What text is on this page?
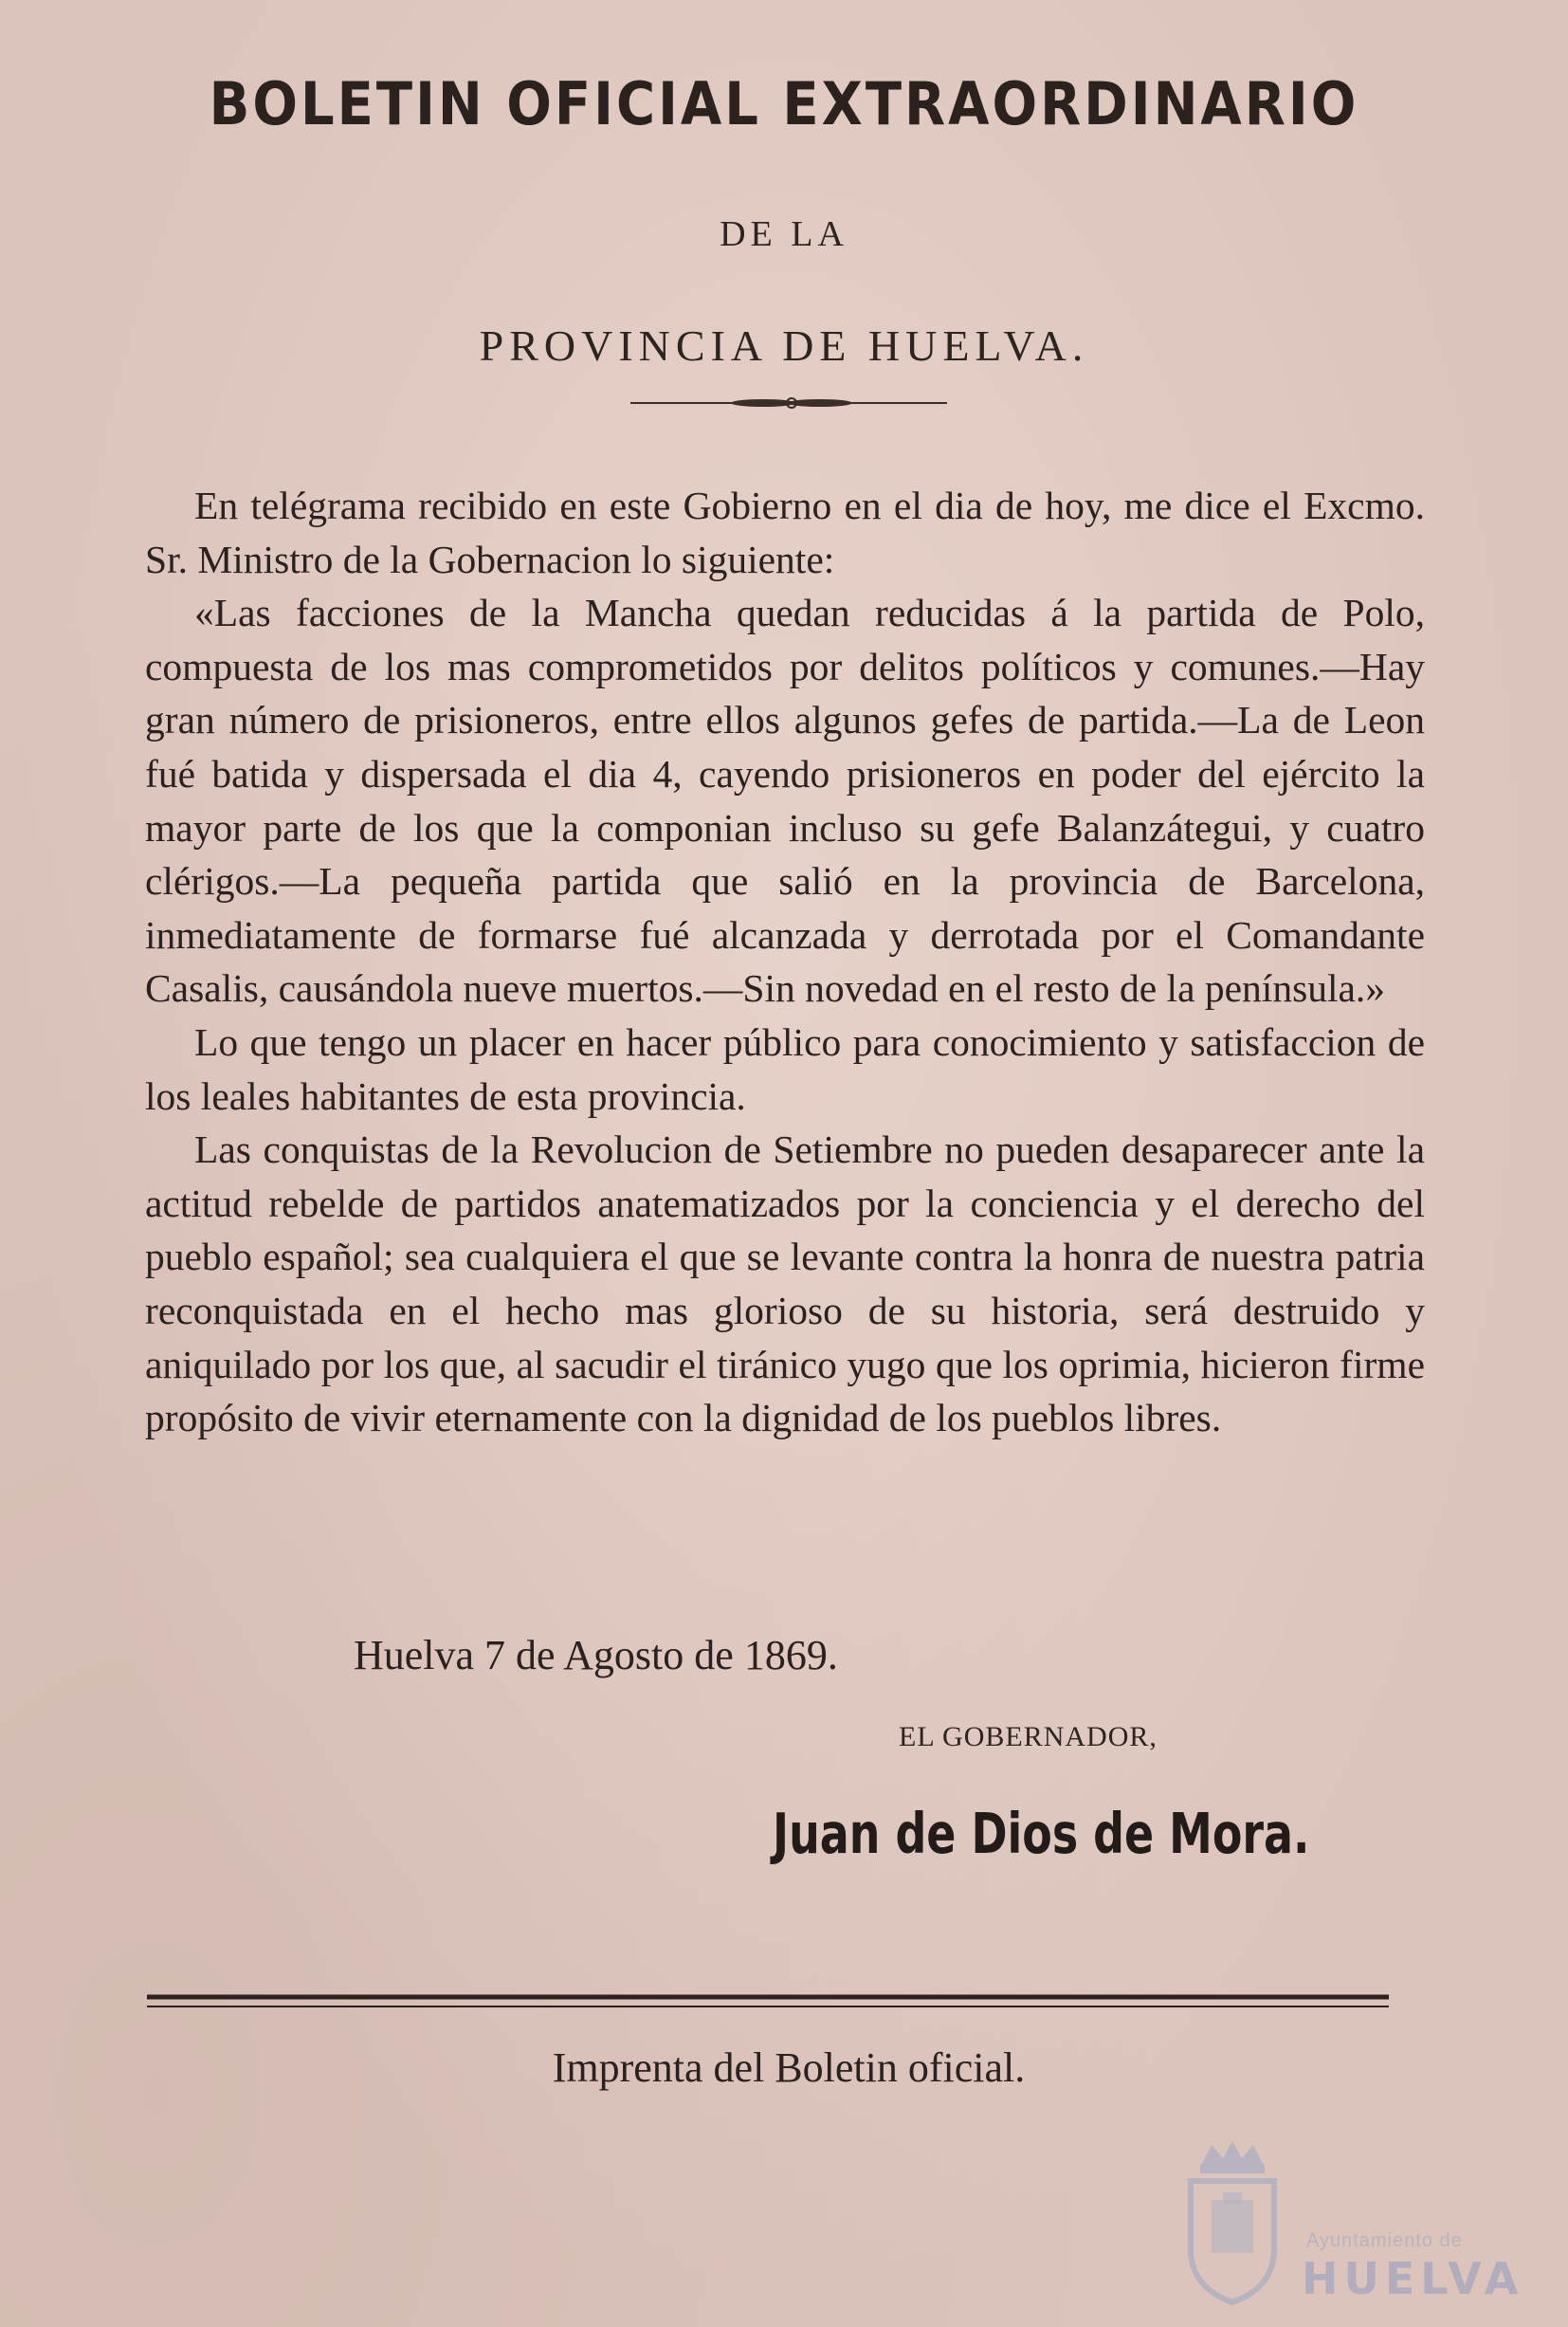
BOLETIN OFICIAL EXTRAORDINARIO
DE LA
PROVINCIA DE HUELVA.

En telégrama recibido en este Gobierno en el dia de hoy, me dice el Excmo. Sr. Ministro de la Gobernacion lo siguiente:

«Las facciones de la Mancha quedan reducidas á la partida de Polo, compuesta de los mas comprometidos por delitos políticos y comunes.—Hay gran número de prisioneros, entre ellos algunos gefes de partida.—La de Leon fué batida y dispersada el dia 4, cayendo prisioneros en poder del ejército la mayor parte de los que la componian incluso su gefe Balanzátegui, y cuatro clérigos.—La pequeña partida que salió en la provincia de Barcelona, inmediatamente de formarse fué alcanzada y derrotada por el Comandante Casalis, causándola nueve muertos.—Sin novedad en el resto de la península.»

Lo que tengo un placer en hacer público para conocimiento y satisfaccion de los leales habitantes de esta provincia.

Las conquistas de la Revolucion de Setiembre no pueden desaparecer ante la actitud rebelde de partidos anatematizados por la conciencia y el derecho del pueblo español; sea cualquiera el que se levante contra la honra de nuestra patria reconquistada en el hecho mas glorioso de su historia, será destruido y aniquilado por los que, al sacudir el tiránico yugo que los oprimia, hicieron firme propósito de vivir eternamente con la dignidad de los pueblos libres.

Huelva 7 de Agosto de 1869.
EL GOBERNADOR,
Juan de Dios de Mora.
Imprenta del Boletin oficial.
Ayuntamiento de
HUELVA
